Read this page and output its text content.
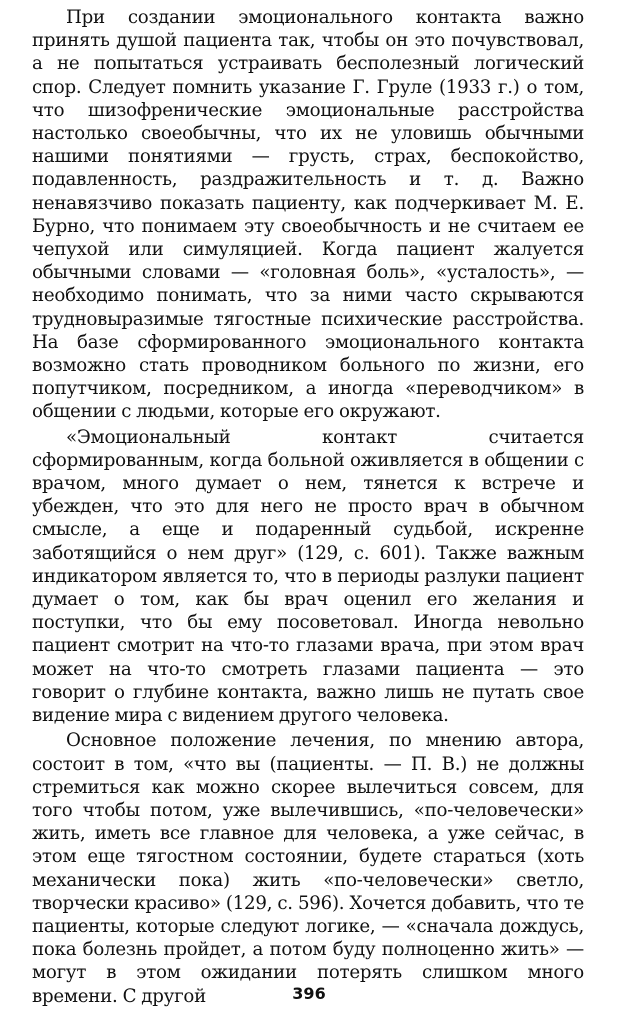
При создании эмоционального контакта важно принять душой пациента так, чтобы он это почувствовал, а не попытаться устраивать бесполезный логический спор. Следует помнить указание Г. Груле (1933 г.) о том, что шизофренические эмоциональные расстройства настолько своеобычны, что их не уловишь обычными нашими понятиями — грусть, страх, беспокойство, подавленность, раздражительность и т. д. Важно ненавязчиво показать пациенту, как подчеркивает М. Е. Бурно, что понимаем эту своеобычность и не считаем ее чепухой или симуляцией. Когда пациент жалуется обычными словами — «головная боль», «усталость», — необходимо понимать, что за ними часто скрываются трудновыразимые тягостные психические расстройства. На базе сформированного эмоционального контакта возможно стать проводником больного по жизни, его попутчиком, посредником, а иногда «переводчиком» в общении с людьми, которые его окружают.

«Эмоциональный контакт считается сформированным, когда больной оживляется в общении с врачом, много думает о нем, тянется к встрече и убежден, что это для него не просто врач в обычном смысле, а еще и подаренный судьбой, искренне заботящийся о нем друг» (129, с. 601). Также важным индикатором является то, что в периоды разлуки пациент думает о том, как бы врач оценил его желания и поступки, что бы ему посоветовал. Иногда невольно пациент смотрит на что-то глазами врача, при этом врач может на что-то смотреть глазами пациента — это говорит о глубине контакта, важно лишь не путать свое видение мира с видением другого человека.

Основное положение лечения, по мнению автора, состоит в том, «что вы (пациенты. — П. В.) не должны стремиться как можно скорее вылечиться совсем, для того чтобы потом, уже вылечившись, «по-человечески» жить, иметь все главное для человека, а уже сейчас, в этом еще тягостном состоянии, будете стараться (хоть механически пока) жить «по-человечески» светло, творчески красиво» (129, с. 596). Хочется добавить, что те пациенты, которые следуют логике, — «сначала дождусь, пока болезнь пройдет, а потом буду полноценно жить» — могут в этом ожидании потерять слишком много времени. С другой	396
